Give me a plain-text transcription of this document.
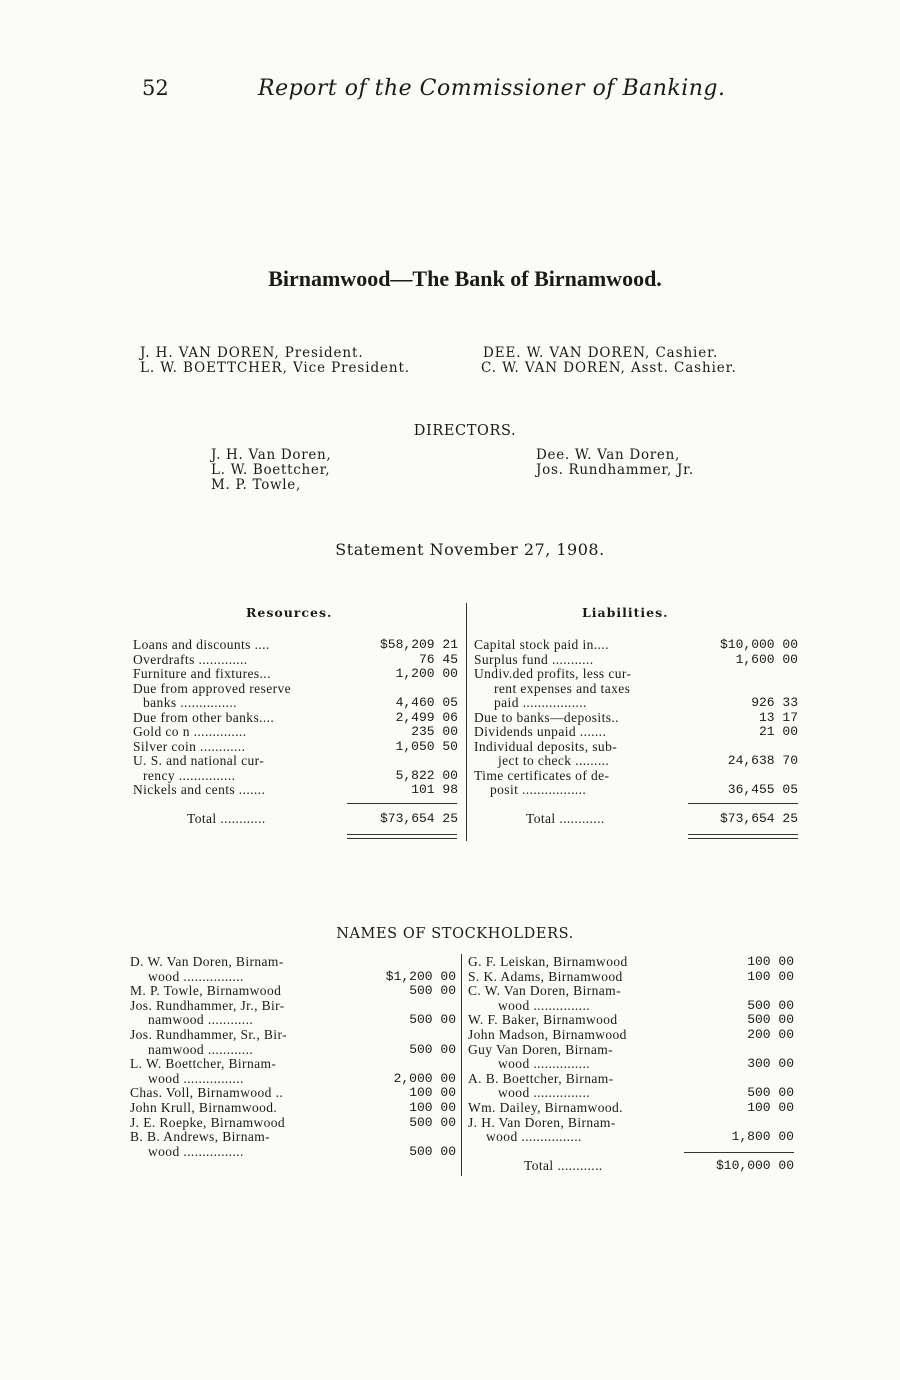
52	Report of the Commissioner of Banking.
Birnamwood—The Bank of Birnamwood.
J. H. VAN DOREN, President.
L. W. BOETTCHER, Vice President.
DEE. W. VAN DOREN, Cashier.
C. W. VAN DOREN, Asst. Cashier.
DIRECTORS.
J. H. Van Doren,
L. W. Boettcher,
M. P. Towle,
Dee. W. Van Doren,
Jos. Rundhammer, Jr.
Statement November 27, 1908.
Resources.	Liabilities.
Loans and discounts ....	$58,209 21
Overdrafts .............	76 45
Furniture and fixtures...	1,200 00
Due from approved reserve
banks ...............	4,460 05
Due from other banks....	2,499 06
Gold co n ..............	235 00
Silver coin ............	1,050 50
U. S. and national cur-
rency ...............	5,822 00
Nickels and cents .......	101 98
Total ............	$73,654 25
Capital stock paid in....	$10,000 00
Surplus fund ...........	1,600 00
Undiv.ded profits, less cur-
rent expenses and taxes
paid .................	926 33
Due to banks—deposits..	13 17
Dividends unpaid .......	21 00
Individual deposits, sub-
ject to check .........	24,638 70
Time certificates of de-
posit .................	36,455 05
Total ............	$73,654 25
NAMES OF STOCKHOLDERS.
D. W. Van Doren, Birnam-
wood ................	$1,200 00
M. P. Towle, Birnamwood	500 00
Jos. Rundhammer, Jr., Bir-
namwood ............	500 00
Jos. Rundhammer, Sr., Bir-
namwood ............	500 00
L. W. Boettcher, Birnam-
wood ................	2,000 00
Chas. Voll, Birnamwood ..	100 00
John Krull, Birnamwood.	100 00
J. E. Roepke, Birnamwood	500 00
B. B. Andrews, Birnam-
wood ................	500 00
G. F. Leiskan, Birnamwood	100 00
S. K. Adams, Birnamwood	100 00
C. W. Van Doren, Birnam-
wood ...............	500 00
W. F. Baker, Birnamwood	500 00
John Madson, Birnamwood	200 00
Guy Van Doren, Birnam-
wood ...............	300 00
A. B. Boettcher, Birnam-
wood ...............	500 00
Wm. Dailey, Birnamwood.	100 00
J. H. Van Doren, Birnam-
wood ................	1,800 00
Total ............	$10,000 00
